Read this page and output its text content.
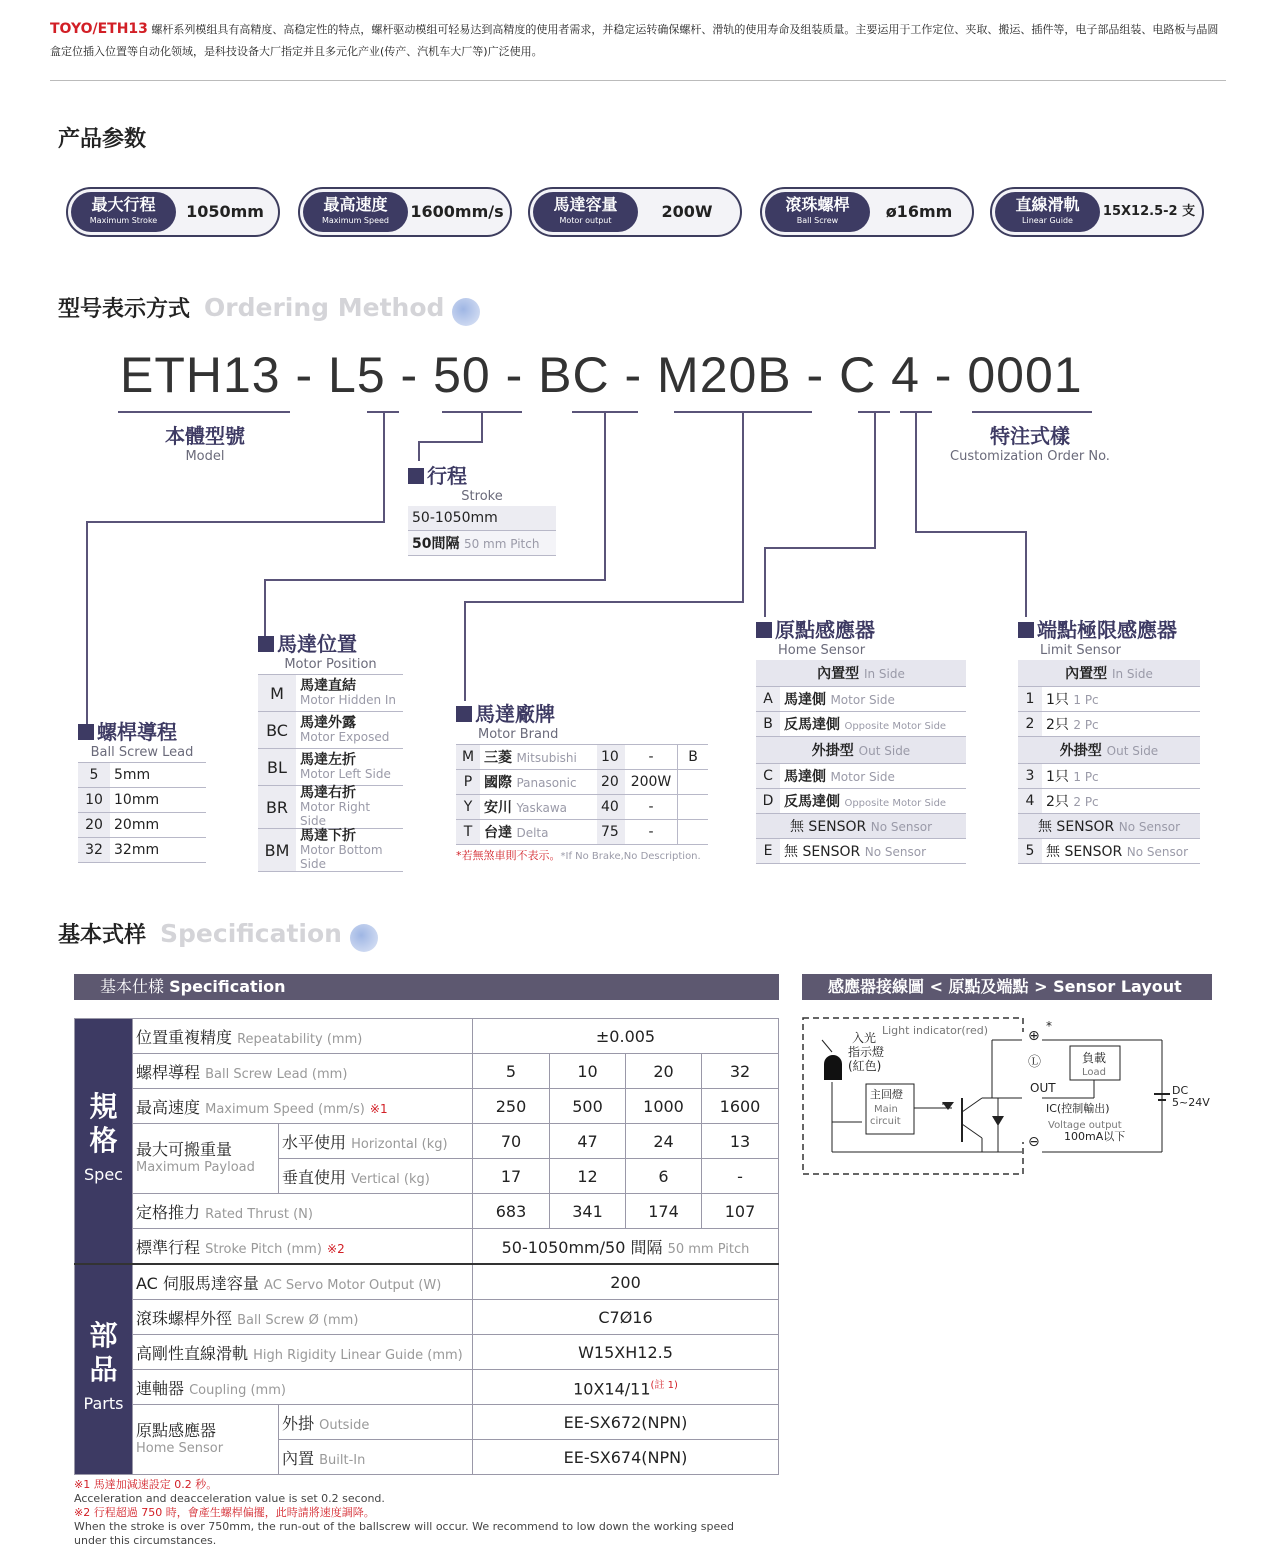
TOYO/ETH13 螺杆系列模组具有高精度、高稳定性的特点，螺杆驱动模组可轻易达到高精度的使用者需求，并稳定运转确保螺杆、滑轨的使用寿命及组装质量。主要运用于工作定位、夹取、搬运、插件等，电子部品组装、电路板与晶圆盒定位插入位置等自动化领域，是科技设备大厂指定并且多元化产业(传产、汽机车大厂等)广泛使用。
产品参数
最大行程
Maximum Stroke	1050mm	最高速度
Maximum Speed	1600mm/s	馬達容量
Motor output	200W	滾珠螺桿
Ball Screw	ø16mm	直線滑軌
Linear Guide
15X12.5-2 支
型号表示方式 Ordering Method
ETH13 - L5 - 50 - BC - M20B - C 4 - 0001
本體型號
Model
特注式樣
Customization Order No.
行程
Stroke
50-1050mm
50間隔 50 mm Pitch
螺桿導程
Ball Screw Lead
5	5mm
10	10mm
20	20mm
32	32mm
馬達位置
Motor Position
M	馬達直結
Motor Hidden In

BC	馬達外露
Motor Exposed

BL	馬達左折
Motor Left Side

BR	馬達右折
Motor Right Side

BM	馬達下折
Motor Bottom Side
馬達廠牌
Motor Brand
M	三菱 Mitsubishi	10	-	B
P	國際 Panasonic	20	200W	
Y	安川 Yaskawa	40	-	
T	台達 Delta	75	-	
*若無煞車則不表示。*If No Brake,No Description.
原點感應器
Home Sensor
內置型 In Side	
A	馬達側 Motor Side
B	反馬達側 Opposite Motor Side
外掛型 Out Side	
C	馬達側 Motor Side
D	反馬達側 Opposite Motor Side
無 SENSOR No Sensor	
E	無 SENSOR No Sensor
端點極限感應器
Limit Sensor
內置型 In Side	
1	1只 1 Pc
2	2只 2 Pc
外掛型 Out Side	
3	1只 1 Pc
4	2只 2 Pc
無 SENSOR No Sensor	
5	無 SENSOR No Sensor
基本式样 Specification
基本仕樣 Specification
規
格
Spec	位置重複精度 Repeatability (mm)		±0.005			
	螺桿導程 Ball Screw Lead (mm)		5	10	20	32
	最高速度 Maximum Speed (mm/s) ※1		250	500	1000	1600

	最大可搬重量
Maximum Payload	水平使用 Horizontal (kg)	70	47	24	13
		垂直使用 Vertical (kg)	17	12	6	-
	定格推力 Rated Thrust (N)		683	341	174	107
	標準行程 Stroke Pitch (mm) ※2		50-1050mm/50 間隔 50 mm Pitch			

部
品
Parts	AC 伺服馬達容量 AC Servo Motor Output (W)		200			
	滾珠螺桿外徑 Ball Screw Ø (mm)		C7Ø16			
	高剛性直線滑軌 High Rigidity Linear Guide (mm)		W15XH12.5			
	連軸器 Coupling (mm)		$10X14/11^{(註 1)}$

	原點感應器
Home Sensor	外掛 Outside	EE-SX672(NPN)			
		內置 Built-In	EE-SX674(NPN)			
※1 馬達加減速設定 0.2 秒。
Acceleration and deacceleration value is set 0.2 second.
※2 行程超過 750 時，會產生螺桿偏擺，此時請將速度調降。
When the stroke is over 750mm, the run-out of the ballscrew will occur. We recommend to low down the working speed under this circumstances.
感應器接線圖 < 原點及端點 > Sensor Layout
Light indicator(red)
入光
指示燈
(紅色)
主回燈
Main
circuit
⊕
*
Ⓛ
OUT
⊖
負載
Load
IC(控制輸出)
Voltage output
100mA以下
DC
5~24V
